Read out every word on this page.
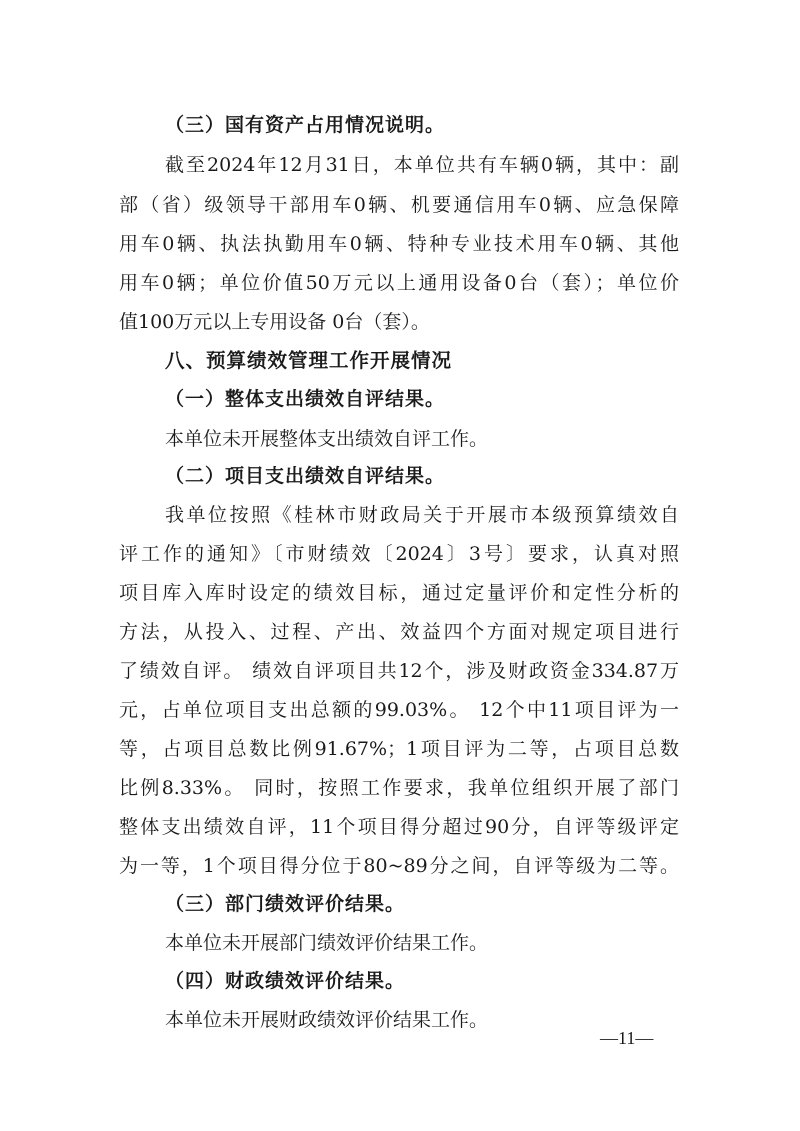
（三）国有资产占用情况说明。
截至2024年12月31日，本单位共有车辆0辆，其中：副
部（省）级领导干部用车0辆、机要通信用车0辆、应急保障
用车0辆、执法执勤用车0辆、特种专业技术用车0辆、其他
用车0辆；单位价值50万元以上通用设备0台（套）；单位价
值100万元以上专用设备 0台（套）。
八、预算绩效管理工作开展情况
（一）整体支出绩效自评结果。
本单位未开展整体支出绩效自评工作。
（二）项目支出绩效自评结果。
我单位按照《桂林市财政局关于开展市本级预算绩效自
评工作的通知》〔市财绩效〔2024〕3号〕要求，认真对照
项目库入库时设定的绩效目标，通过定量评价和定性分析的
方法，从投入、过程、产出、效益四个方面对规定项目进行
了绩效自评。 绩效自评项目共12个，涉及财政资金334.87万
元，占单位项目支出总额的99.03%。 12个中11项目评为一
等，占项目总数比例91.67%；1项目评为二等，占项目总数
比例8.33%。 同时，按照工作要求，我单位组织开展了部门
整体支出绩效自评，11个项目得分超过90分，自评等级评定
为一等，1个项目得分位于80~89分之间，自评等级为二等。
（三）部门绩效评价结果。
本单位未开展部门绩效评价结果工作。
（四）财政绩效评价结果。
本单位未开展财政绩效评价结果工作。
—11—
